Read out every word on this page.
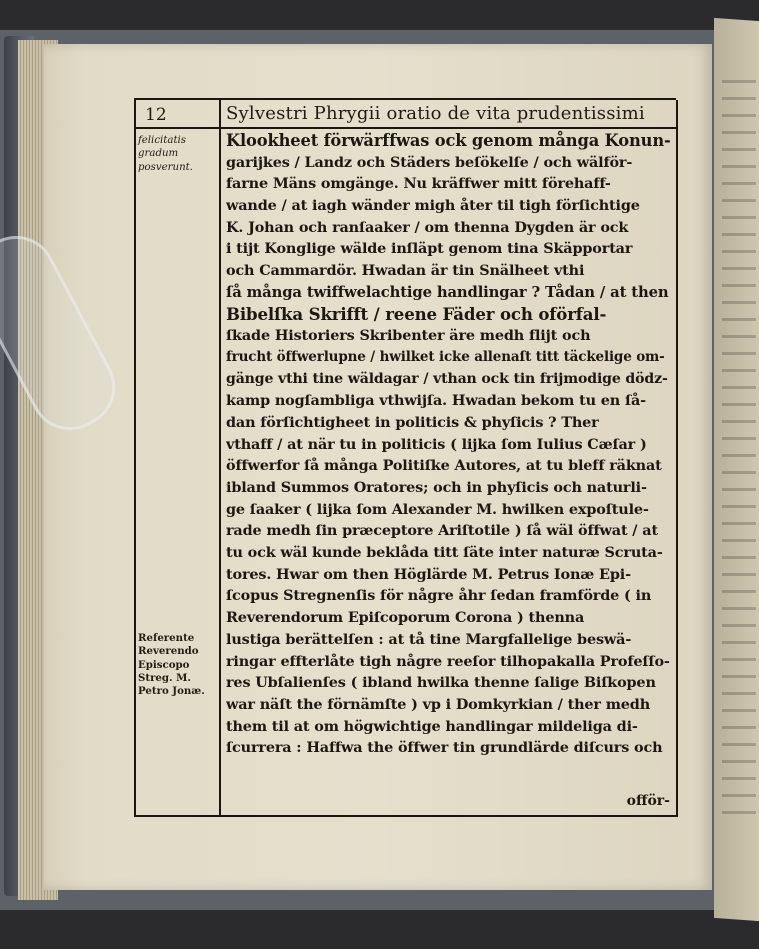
12	Sylvestri Phrygii oratio de vita prudentissimi
felicitatis
gradum
posverunt.
Referente
Reverendo
Episcopo
Streg. M.
Petro Jonæ.
Klookheet förwärffwas ock genom många Konun-
garijkes / Landz och Städers beſökelſe / och wälför-
farne Mäns omgänge. Nu kräffwer mitt förehaff-
wande / at iagh wänder migh åter til tigh förſichtige
K. Johan och ranſaaker / om thenna Dygden är ock
i tijt Konglige wälde inſläpt genom tina Skäpportar
och Cammardör. Hwadan är tin Snälheet vthi
ſå många twiffwelachtige handlingar ? Tådan / at then
Bibelſka Skrifft / reene Fäder och oförfal-
ſkade Historiers Skribenter äre medh flijt och
frucht öffwerlupne / hwilket icke allenaſt titt täckelige om-
gänge vthi tine wäldagar / vthan ock tin frijmodige dödz-
kamp nogſambliga vthwijſa. Hwadan bekom tu en ſå-
dan förſichtigheet in politicis & phyſicis ? Ther
vthaff / at när tu in politicis ( lijka ſom Iulius Cæſar )
öffwerfor ſå många Politiſke Autores, at tu bleff räknat
ibland Summos Oratores; och in phyſicis och naturli-
ge ſaaker ( lijka ſom Alexander M. hwilken expoſtule-
rade medh ſin præceptore Ariſtotile ) ſå wäl öffwat / at
tu ock wäl kunde beklåda titt ſäte inter naturæ Scruta-
tores. Hwar om then Höglärde M. Petrus Ionæ Epi-
ſcopus Stregnenſis för någre åhr ſedan framförde ( in
Reverendorum Epiſcoporum Corona ) thenna
lustiga berättelſen : at tå tine Margfallelige beswä-
ringar effterlåte tigh någre reeſor tilhopakalla Profeſſo-
res Ubſalienſes ( ibland hwilka thenne ſalige Biſkopen
war näſt the förnämſte ) vp i Domkyrkian / ther medh
them til at om högwichtige handlingar mildeliga di-
ſcurrera : Haffwa the öffwer tin grundlärde diſcurs och
offör-
